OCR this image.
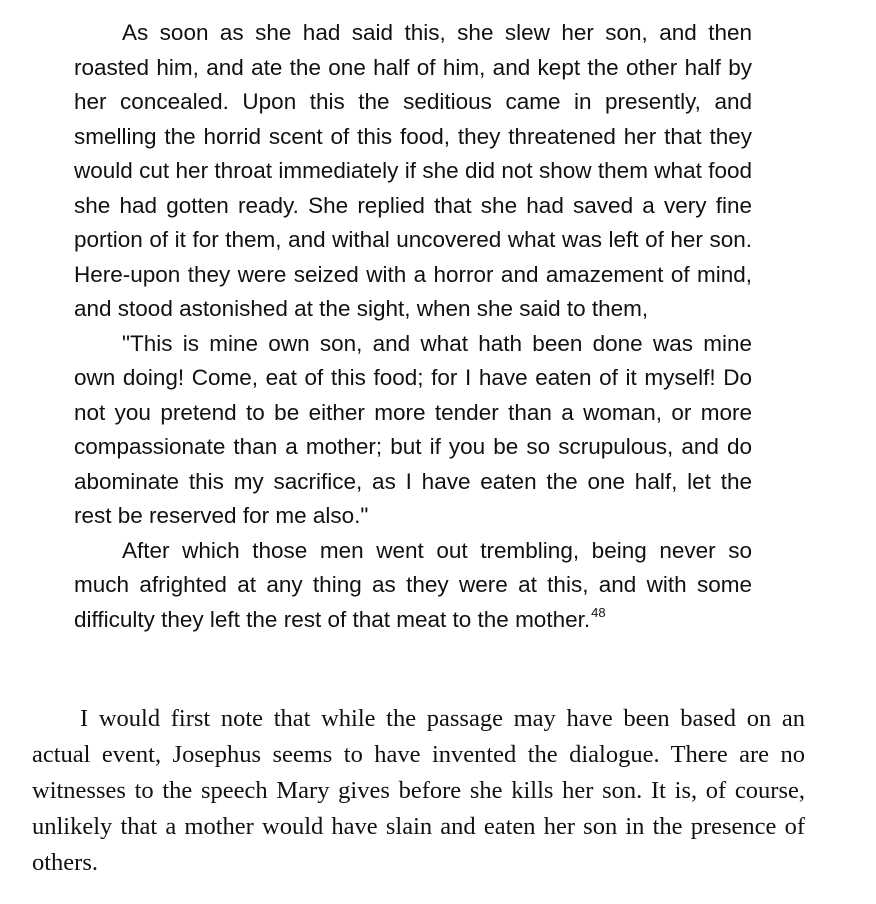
As soon as she had said this, she slew her son, and then roasted him, and ate the one half of him, and kept the other half by her concealed. Upon this the seditious came in presently, and smelling the horrid scent of this food, they threatened her that they would cut her throat immediately if she did not show them what food she had gotten ready. She replied that she had saved a very fine portion of it for them, and withal uncovered what was left of her son. Here-upon they were seized with a horror and amazement of mind, and stood astonished at the sight, when she said to them,

"This is mine own son, and what hath been done was mine own doing! Come, eat of this food; for I have eaten of it myself! Do not you pretend to be either more tender than a woman, or more compassionate than a mother; but if you be so scrupulous, and do abominate this my sacrifice, as I have eaten the one half, let the rest be reserved for me also."

After which those men went out trembling, being never so much afrighted at any thing as they were at this, and with some difficulty they left the rest of that meat to the mother.$^{48}$

I would first note that while the passage may have been based on an actual event, Josephus seems to have invented the dialogue. There are no witnesses to the speech Mary gives before she kills her son. It is, of course, unlikely that a mother would have slain and eaten her son in the presence of others.
